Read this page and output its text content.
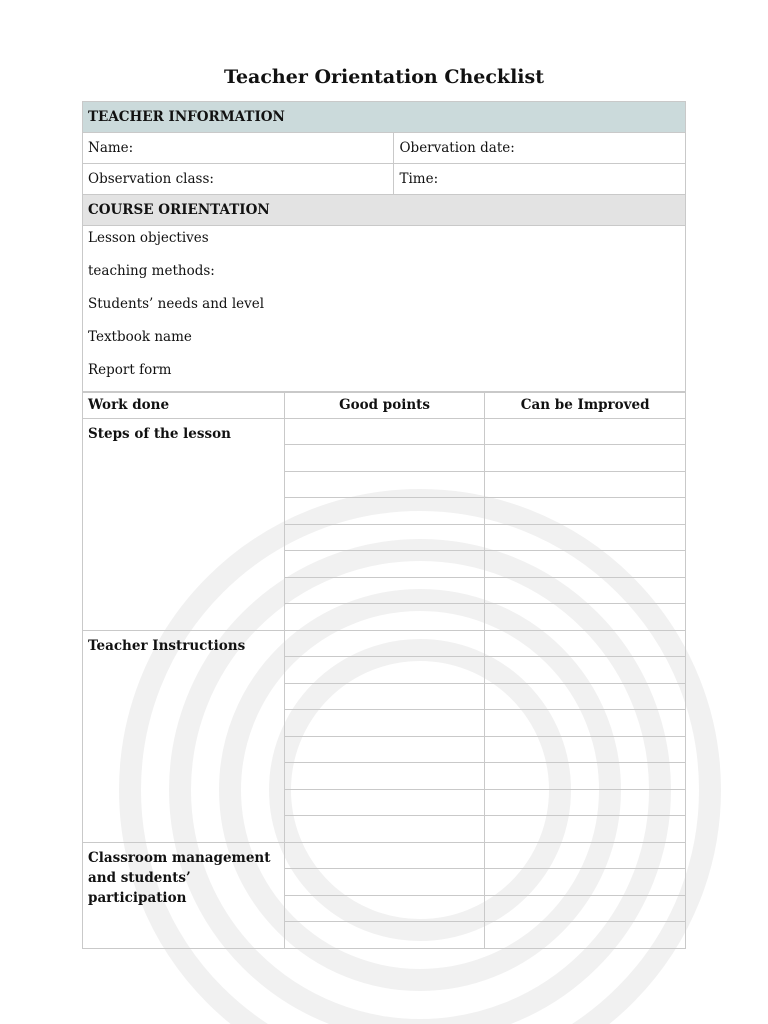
Teacher Orientation Checklist
TEACHER INFORMATION	
Name:	Obervation date:
Observation class:	Time:
COURSE ORIENTATION	

Lesson objectives
teaching methods:
Students’ needs and level
Textbook name
Report form	
Work done	Good points	Can be Improved
Steps of the lesson		

Teacher Instructions		

Classroom management and students’ participation		
